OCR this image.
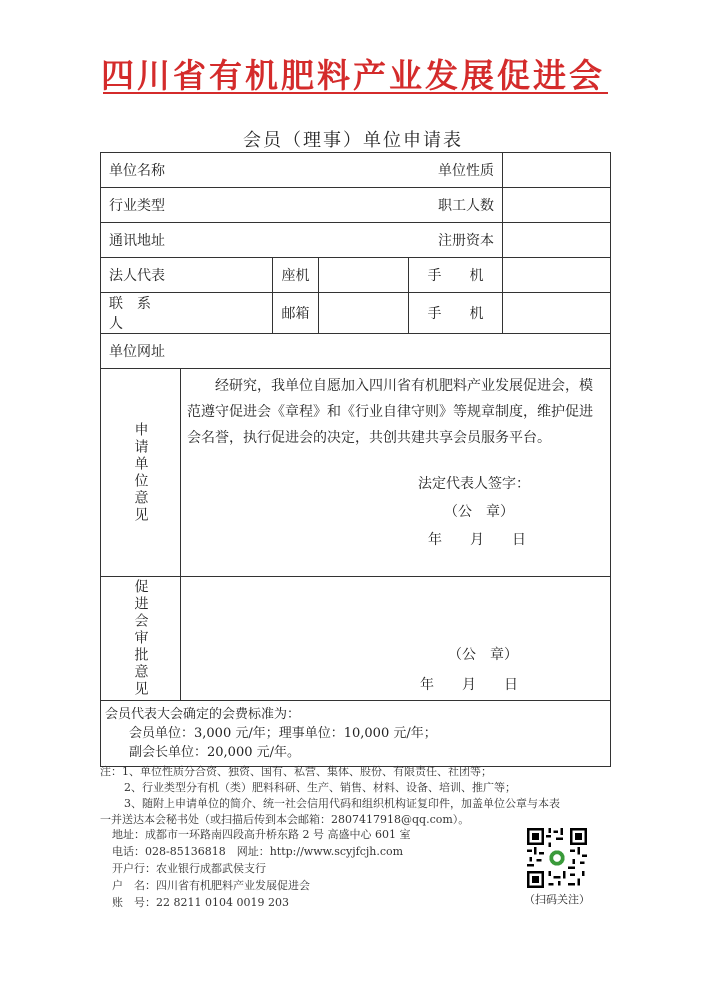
四川省有机肥料产业发展促进会
会员（理事）单位申请表
单位名称				单位性质	
行业类型				职工人数	
通讯地址				注册资本	
法人代表		座机		手　　机	
联　系　人		邮箱		手　　机	
单位网址					

申请单位意见	经研究，我单位自愿加入四川省有机肥料产业发展促进会，模范遵守促进会《章程》和《行业自律守则》等规章制度，维护促进会名誉，执行促进会的决定，共创共建共享会员服务平台。
法定代表人签字：
（公　章）
年　　月　　日				

促进会审批意见	（公　章）
年　　月　　日				

会员代表大会确定的会费标准为：
会员单位：3,000 元/年；理事单位：10,000 元/年；
副会长单位：20,000 元/年。					
注：1、单位性质分合资、独资、国有、私营、集体、股份、有限责任、社团等；
2、行业类型分有机（类）肥料科研、生产、销售、材料、设备、培训、推广等；
3、随附上申请单位的简介、统一社会信用代码和组织机构证复印件，加盖单位公章与本表
一并送达本会秘书处（或扫描后传到本会邮箱：2807417918@qq.com）。
地址：成都市一环路南四段高升桥东路 2 号 高盛中心 601 室
电话：028-85136818　网址：http://www.scyjfcjh.com
开户行：农业银行成都武侯支行
户　名：四川省有机肥料产业发展促进会
账　号：22 8211 0104 0019 203	（扫码关注）
